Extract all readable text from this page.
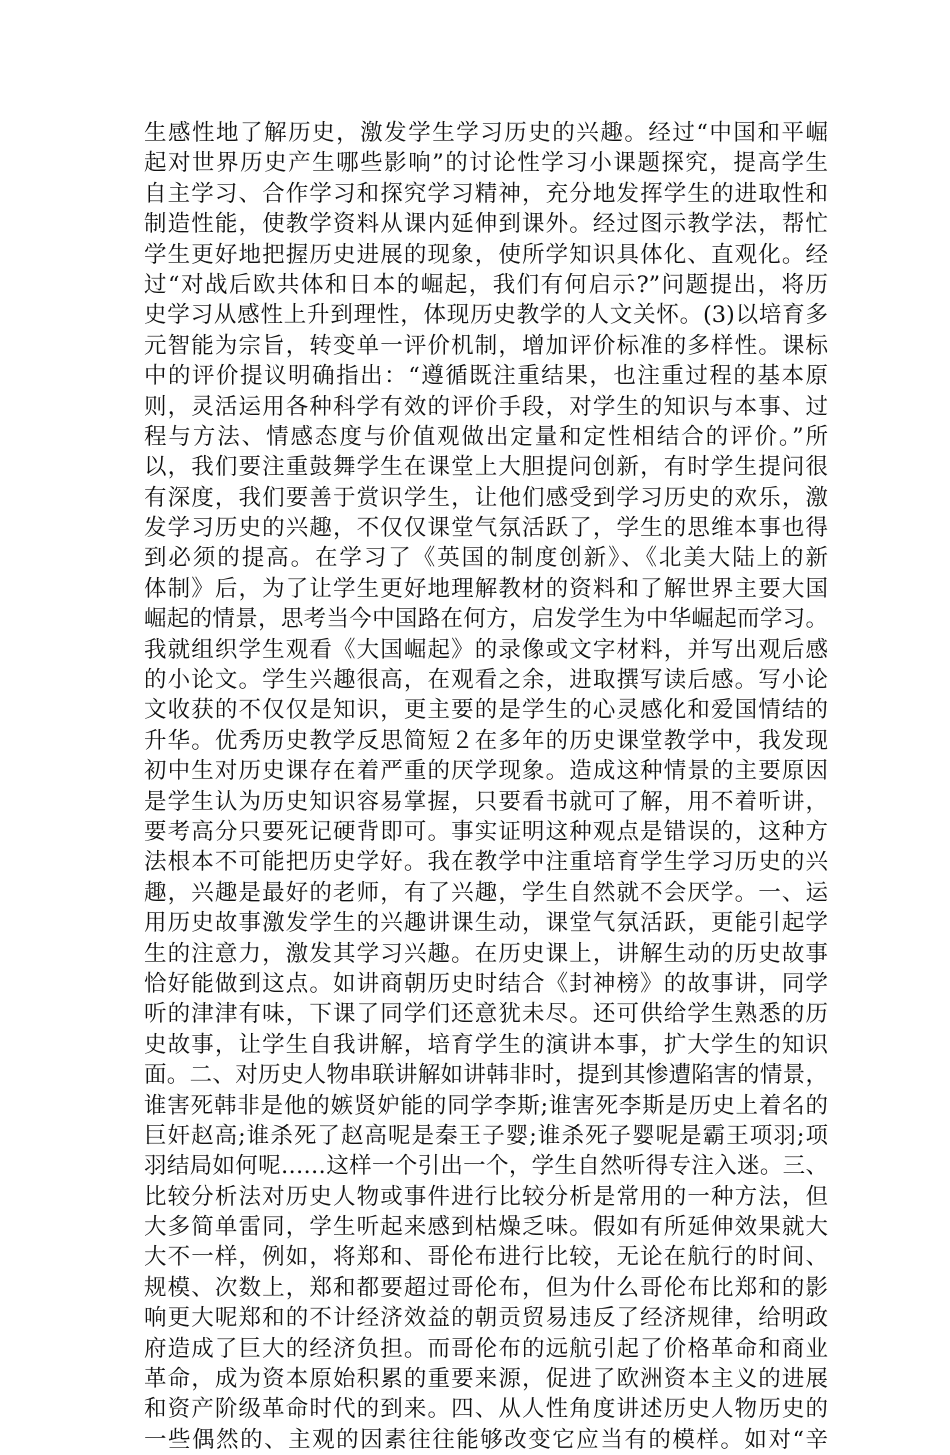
生感性地了解历史，激发学生学习历史的兴趣。经过“中国和平崛
起对世界历史产生哪些影响”的讨论性学习小课题探究，提高学生
自主学习、合作学习和探究学习精神，充分地发挥学生的进取性和
制造性能，使教学资料从课内延伸到课外。经过图示教学法，帮忙
学生更好地把握历史进展的现象，使所学知识具体化、直观化。经
过“对战后欧共体和日本的崛起，我们有何启示?”问题提出，将历
史学习从感性上升到理性，体现历史教学的人文关怀。(3)以培育多
元智能为宗旨，转变单一评价机制，增加评价标准的多样性。课标
中的评价提议明确指出：“遵循既注重结果，也注重过程的基本原
则，灵活运用各种科学有效的评价手段，对学生的知识与本事、过
程与方法、情感态度与价值观做出定量和定性相结合的评价。”所
以，我们要注重鼓舞学生在课堂上大胆提问创新，有时学生提问很
有深度，我们要善于赏识学生，让他们感受到学习历史的欢乐，激
发学习历史的兴趣，不仅仅课堂气氛活跃了，学生的思维本事也得
到必须的提高。在学习了《英国的制度创新》、《北美大陆上的新
体制》后，为了让学生更好地理解教材的资料和了解世界主要大国
崛起的情景，思考当今中国路在何方，启发学生为中华崛起而学习。
我就组织学生观看《大国崛起》的录像或文字材料，并写出观后感
的小论文。学生兴趣很高，在观看之余，进取撰写读后感。写小论
文收获的不仅仅是知识，更主要的是学生的心灵感化和爱国情结的
升华。优秀历史教学反思简短２在多年的历史课堂教学中，我发现
初中生对历史课存在着严重的厌学现象。造成这种情景的主要原因
是学生认为历史知识容易掌握，只要看书就可了解，用不着听讲，
要考高分只要死记硬背即可。事实证明这种观点是错误的，这种方
法根本不可能把历史学好。我在教学中注重培育学生学习历史的兴
趣，兴趣是最好的老师，有了兴趣，学生自然就不会厌学。一、运
用历史故事激发学生的兴趣讲课生动，课堂气氛活跃，更能引起学
生的注意力，激发其学习兴趣。在历史课上，讲解生动的历史故事
恰好能做到这点。如讲商朝历史时结合《封神榜》的故事讲，同学
听的津津有味，下课了同学们还意犹未尽。还可供给学生熟悉的历
史故事，让学生自我讲解，培育学生的演讲本事，扩大学生的知识
面。二、对历史人物串联讲解如讲韩非时，提到其惨遭陷害的情景，
谁害死韩非是他的嫉贤妒能的同学李斯;谁害死李斯是历史上着名的
巨奸赵高;谁杀死了赵高呢是秦王子婴;谁杀死子婴呢是霸王项羽;项
羽结局如何呢……这样一个引出一个，学生自然听得专注入迷。三、
比较分析法对历史人物或事件进行比较分析是常用的一种方法，但
大多简单雷同，学生听起来感到枯燥乏味。假如有所延伸效果就大
大不一样，例如，将郑和、哥伦布进行比较，无论在航行的时间、
规模、次数上，郑和都要超过哥伦布，但为什么哥伦布比郑和的影
响更大呢郑和的不计经济效益的朝贡贸易违反了经济规律，给明政
府造成了巨大的经济负担。而哥伦布的远航引起了价格革命和商业
革命，成为资本原始积累的重要来源，促进了欧洲资本主义的进展
和资产阶级革命时代的到来。四、从人性角度讲述历史人物历史的
一些偶然的、主观的因素往往能够改变它应当有的模样。如对“辛
